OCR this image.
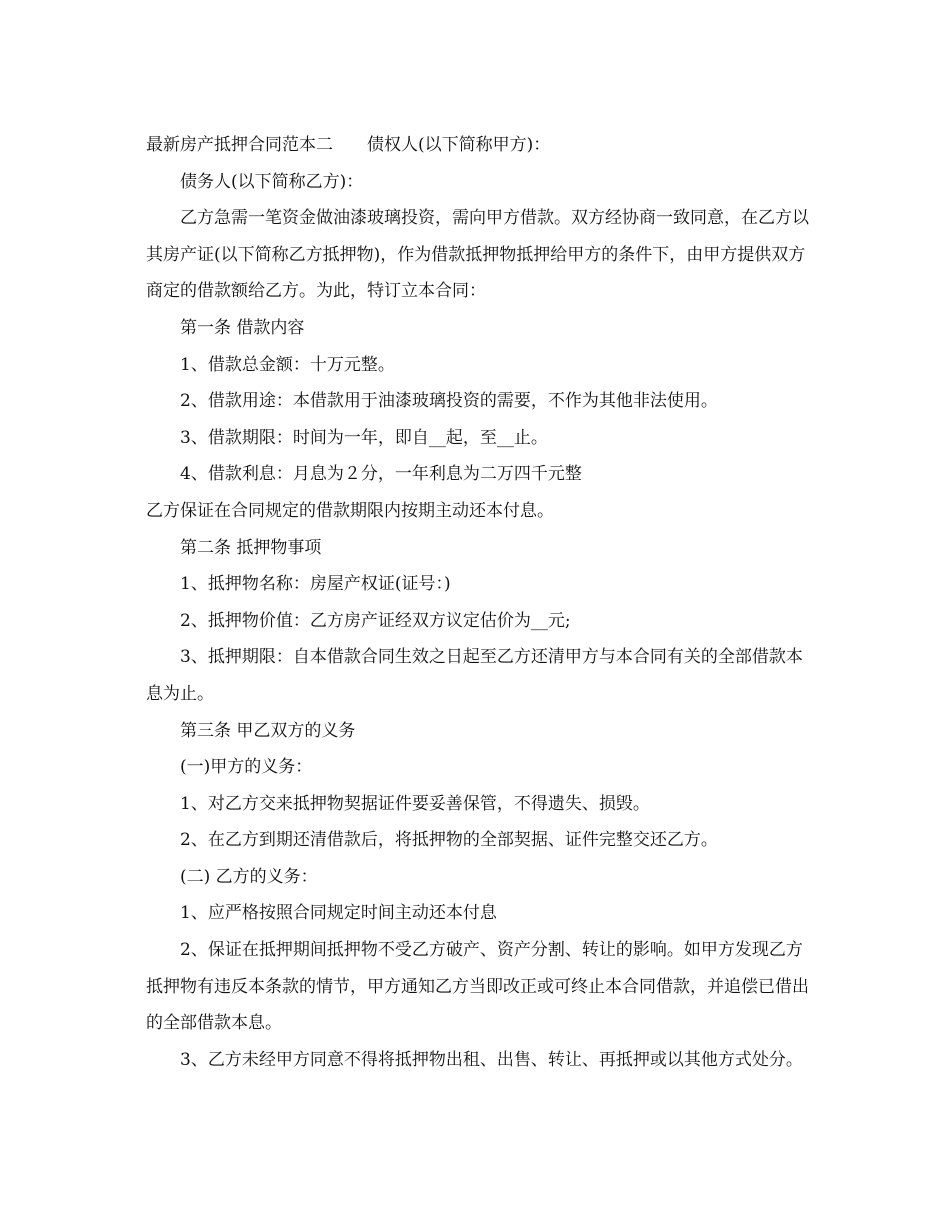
最新房产抵押合同范本二 债权人(以下简称甲方)：

债务人(以下简称乙方)：

乙方急需一笔资金做油漆玻璃投资，需向甲方借款。双方经协商一致同意，在乙方以其房产证(以下简称乙方抵押物)，作为借款抵押物抵押给甲方的条件下，由甲方提供双方商定的借款额给乙方。为此，特订立本合同：

第一条 借款内容

1、借款总金额：十万元整。

2、借款用途：本借款用于油漆玻璃投资的需要，不作为其他非法使用。

3、借款期限：时间为一年，即自__起，至__止。

4、借款利息：月息为２分，一年利息为二万四千元整

乙方保证在合同规定的借款期限内按期主动还本付息。

第二条 抵押物事项

1、抵押物名称：房屋产权证(证号：)

2、抵押物价值：乙方房产证经双方议定估价为__元;

3、抵押期限：自本借款合同生效之日起至乙方还清甲方与本合同有关的全部借款本息为止。

第三条 甲乙双方的义务

(一)甲方的义务：

1、对乙方交来抵押物契据证件要妥善保管，不得遗失、损毁。

2、在乙方到期还清借款后，将抵押物的全部契据、证件完整交还乙方。

(二) 乙方的义务：

1、应严格按照合同规定时间主动还本付息

2、保证在抵押期间抵押物不受乙方破产、资产分割、转让的影响。如甲方发现乙方抵押物有违反本条款的情节，甲方通知乙方当即改正或可终止本合同借款，并追偿已借出的全部借款本息。

3、乙方未经甲方同意不得将抵押物出租、出售、转让、再抵押或以其他方式处分。
